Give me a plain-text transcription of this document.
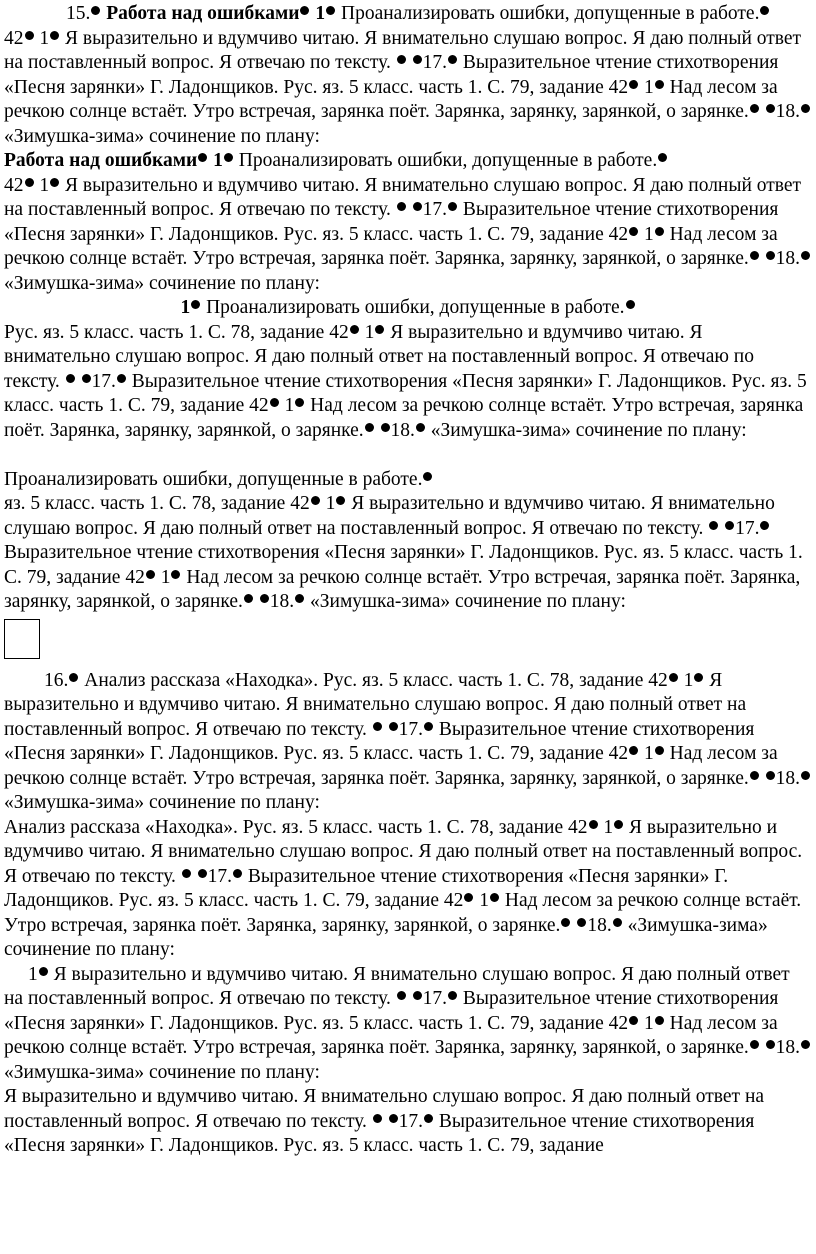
15. Работа над ошибками 1 Проанализировать ошибки, допущенные в работе.

42 1 Я выразительно и вдумчиво читаю. Я внимательно слушаю вопрос. Я даю полный ответ на поставленный вопрос. Я отвечаю по тексту.  17. Выразительное чтение стихотворения «Песня зарянки» Г. Ладонщиков. Рус. яз. 5 класс. часть 1. С. 79, задание 42 1 Над лесом за речкою солнце встаёт. Утро встречая, зарянка поёт. Зарянка, зарянку, зарянкой, о зарянке. 18. «Зимушка-зима» сочинение по плану:

Работа над ошибками 1 Проанализировать ошибки, допущенные в работе.

42 1 Я выразительно и вдумчиво читаю. Я внимательно слушаю вопрос. Я даю полный ответ на поставленный вопрос. Я отвечаю по тексту.  17. Выразительное чтение стихотворения «Песня зарянки» Г. Ладонщиков. Рус. яз. 5 класс. часть 1. С. 79, задание 42 1 Над лесом за речкою солнце встаёт. Утро встречая, зарянка поёт. Зарянка, зарянку, зарянкой, о зарянке. 18. «Зимушка-зима» сочинение по плану:

1 Проанализировать ошибки, допущенные в работе.

Рус. яз. 5 класс. часть 1. С. 78, задание 42 1 Я выразительно и вдумчиво читаю. Я внимательно слушаю вопрос. Я даю полный ответ на поставленный вопрос. Я отвечаю по тексту.  17. Выразительное чтение стихотворения «Песня зарянки» Г. Ладонщиков. Рус. яз. 5 класс. часть 1. С. 79, задание 42 1 Над лесом за речкою солнце встаёт. Утро встречая, зарянка поёт. Зарянка, зарянку, зарянкой, о зарянке. 18. «Зимушка-зима» сочинение по плану:

Проанализировать ошибки, допущенные в работе.

яз. 5 класс. часть 1. С. 78, задание 42 1 Я выразительно и вдумчиво читаю. Я внимательно слушаю вопрос. Я даю полный ответ на поставленный вопрос. Я отвечаю по тексту.  17. Выразительное чтение стихотворения «Песня зарянки» Г. Ладонщиков. Рус. яз. 5 класс. часть 1. С. 79, задание 42 1 Над лесом за речкою солнце встаёт. Утро встречая, зарянка поёт. Зарянка, зарянку, зарянкой, о зарянке. 18. «Зимушка-зима» сочинение по плану:

16. Анализ рассказа «Находка». Рус. яз. 5 класс. часть 1. С. 78, задание 42 1 Я выразительно и вдумчиво читаю. Я внимательно слушаю вопрос. Я даю полный ответ на поставленный вопрос. Я отвечаю по тексту.  17. Выразительное чтение стихотворения «Песня зарянки» Г. Ладонщиков. Рус. яз. 5 класс. часть 1. С. 79, задание 42 1 Над лесом за речкою солнце встаёт. Утро встречая, зарянка поёт. Зарянка, зарянку, зарянкой, о зарянке. 18. «Зимушка-зима» сочинение по плану:

Анализ рассказа «Находка». Рус. яз. 5 класс. часть 1. С. 78, задание 42 1 Я выразительно и вдумчиво читаю. Я внимательно слушаю вопрос. Я даю полный ответ на поставленный вопрос. Я отвечаю по тексту.  17. Выразительное чтение стихотворения «Песня зарянки» Г. Ладонщиков. Рус. яз. 5 класс. часть 1. С. 79, задание 42 1 Над лесом за речкою солнце встаёт. Утро встречая, зарянка поёт. Зарянка, зарянку, зарянкой, о зарянке. 18. «Зимушка-зима» сочинение по плану:

1 Я выразительно и вдумчиво читаю. Я внимательно слушаю вопрос. Я даю полный ответ на поставленный вопрос. Я отвечаю по тексту.  17. Выразительное чтение стихотворения «Песня зарянки» Г. Ладонщиков. Рус. яз. 5 класс. часть 1. С. 79, задание 42 1 Над лесом за речкою солнце встаёт. Утро встречая, зарянка поёт. Зарянка, зарянку, зарянкой, о зарянке. 18. «Зимушка-зима» сочинение по плану:

Я выразительно и вдумчиво читаю. Я внимательно слушаю вопрос. Я даю полный ответ на поставленный вопрос. Я отвечаю по тексту.  17. Выразительное чтение стихотворения «Песня зарянки» Г. Ладонщиков. Рус. яз. 5 класс. часть 1. С. 79, задание
